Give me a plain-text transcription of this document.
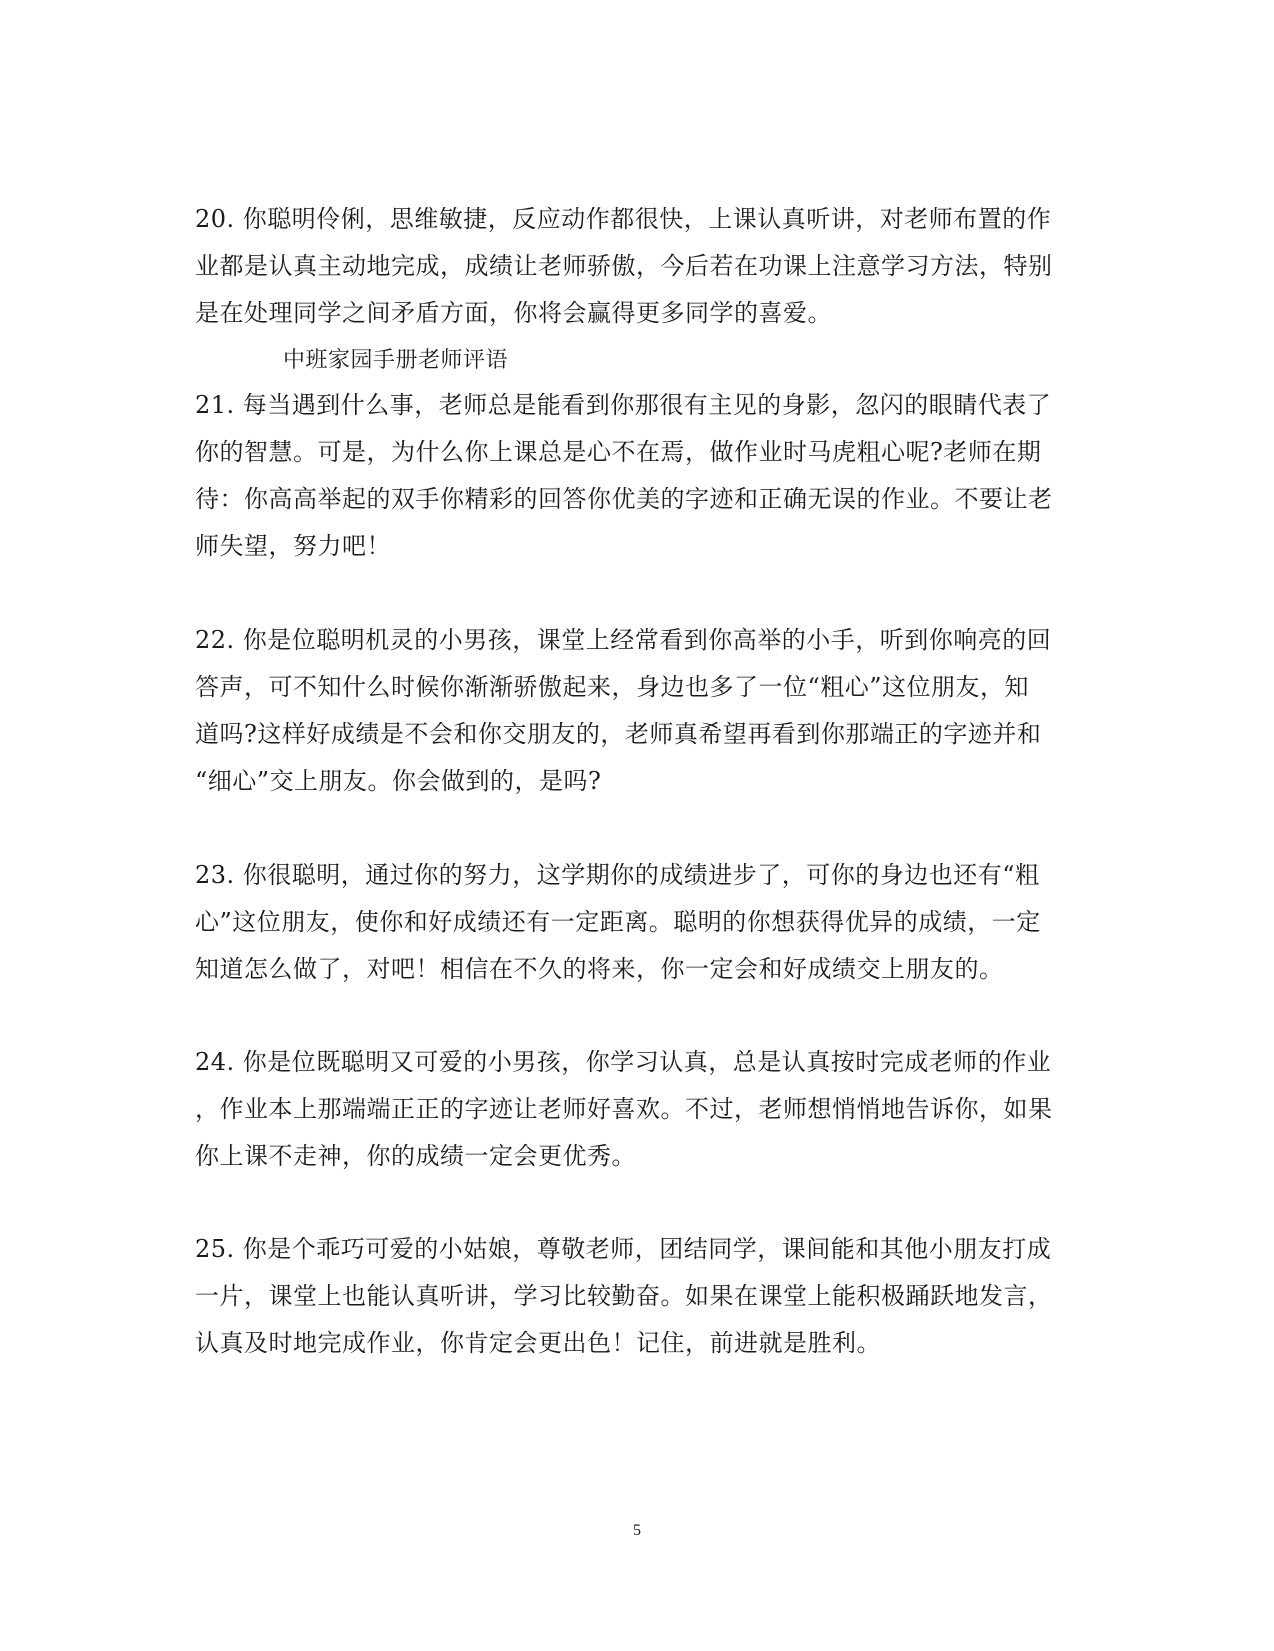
20. 你聪明伶俐，思维敏捷，反应动作都很快，上课认真听讲，对老师布置的作
业都是认真主动地完成，成绩让老师骄傲，今后若在功课上注意学习方法，特别
是在处理同学之间矛盾方面，你将会赢得更多同学的喜爱。
中班家园手册老师评语
21. 每当遇到什么事，老师总是能看到你那很有主见的身影，忽闪的眼睛代表了
你的智慧。可是，为什么你上课总是心不在焉，做作业时马虎粗心呢?老师在期
待：你高高举起的双手你精彩的回答你优美的字迹和正确无误的作业。不要让老
师失望，努力吧！
22. 你是位聪明机灵的小男孩，课堂上经常看到你高举的小手，听到你响亮的回
答声，可不知什么时候你渐渐骄傲起来，身边也多了一位“粗心”这位朋友，知
道吗?这样好成绩是不会和你交朋友的，老师真希望再看到你那端正的字迹并和
“细心”交上朋友。你会做到的，是吗?
23. 你很聪明，通过你的努力，这学期你的成绩进步了，可你的身边也还有“粗
心”这位朋友，使你和好成绩还有一定距离。聪明的你想获得优异的成绩，一定
知道怎么做了，对吧！相信在不久的将来，你一定会和好成绩交上朋友的。
24. 你是位既聪明又可爱的小男孩，你学习认真，总是认真按时完成老师的作业
，作业本上那端端正正的字迹让老师好喜欢。不过，老师想悄悄地告诉你，如果
你上课不走神，你的成绩一定会更优秀。
25. 你是个乖巧可爱的小姑娘，尊敬老师，团结同学，课间能和其他小朋友打成
一片，课堂上也能认真听讲，学习比较勤奋。如果在课堂上能积极踊跃地发言，
认真及时地完成作业，你肯定会更出色！记住，前进就是胜利。
5
